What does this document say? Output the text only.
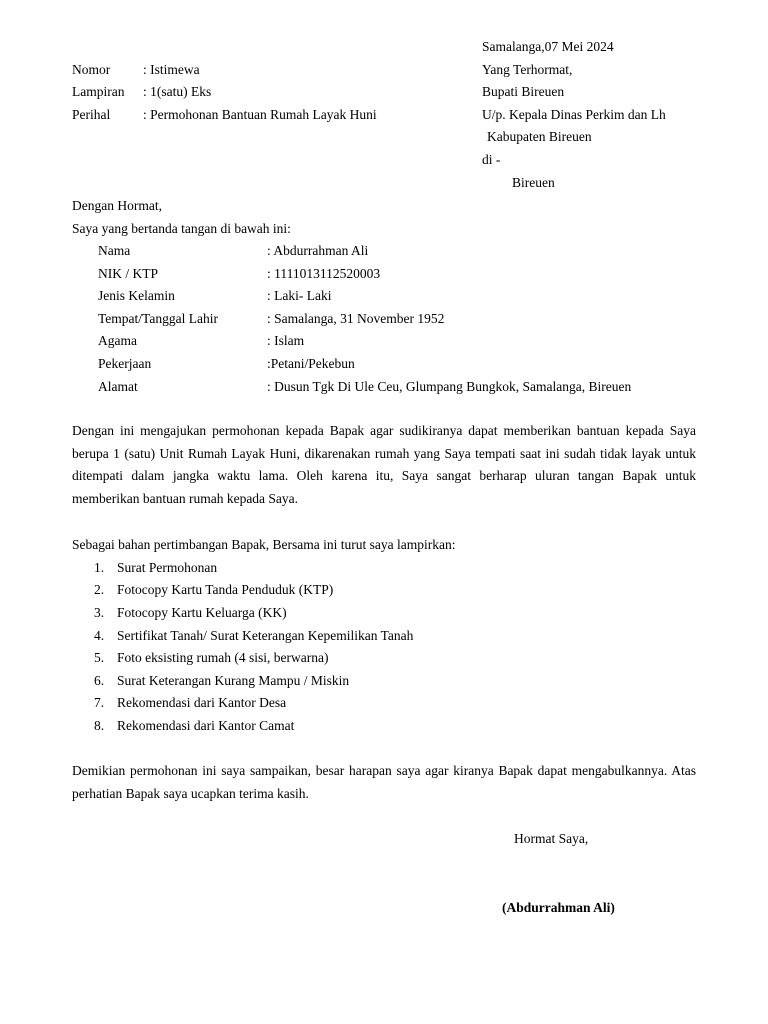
Samalanga,07 Mei 2024
Yang Terhormat,
Bupati Bireuen
U/p. Kepala Dinas Perkim dan Lh
Kabupaten Bireuen
di -
Bireuen
Nomor : Istimewa
Lampiran : 1(satu) Eks
Perihal : Permohonan Bantuan Rumah Layak Huni
Dengan Hormat,
Saya yang bertanda tangan di bawah ini:
Nama	: Abdurrahman Ali
NIK / KTP	: 1111013112520003
Jenis Kelamin	: Laki- Laki
Tempat/Tanggal Lahir	: Samalanga, 31 November 1952
Agama	: Islam
Pekerjaan	:Petani/Pekebun
Alamat	: Dusun Tgk Di Ule Ceu, Glumpang Bungkok, Samalanga, Bireuen
Dengan ini mengajukan permohonan kepada Bapak agar sudikiranya dapat memberikan bantuan kepada Saya berupa 1 (satu) Unit Rumah Layak Huni, dikarenakan rumah yang Saya tempati saat ini sudah tidak layak untuk ditempati dalam jangka waktu lama. Oleh karena itu, Saya sangat berharap uluran tangan Bapak untuk memberikan bantuan rumah kepada Saya.
Sebagai bahan pertimbangan Bapak, Bersama ini turut saya lampirkan:
1. Surat Permohonan
2. Fotocopy Kartu Tanda Penduduk (KTP)
3. Fotocopy Kartu Keluarga (KK)
4. Sertifikat Tanah/ Surat Keterangan Kepemilikan Tanah
5. Foto eksisting rumah (4 sisi, berwarna)
6. Surat Keterangan Kurang Mampu / Miskin
7. Rekomendasi dari Kantor Desa
8. Rekomendasi dari Kantor Camat
Demikian permohonan ini saya sampaikan, besar harapan saya agar kiranya Bapak dapat mengabulkannya. Atas perhatian Bapak saya ucapkan terima kasih.
Hormat Saya,
(Abdurrahman Ali)
